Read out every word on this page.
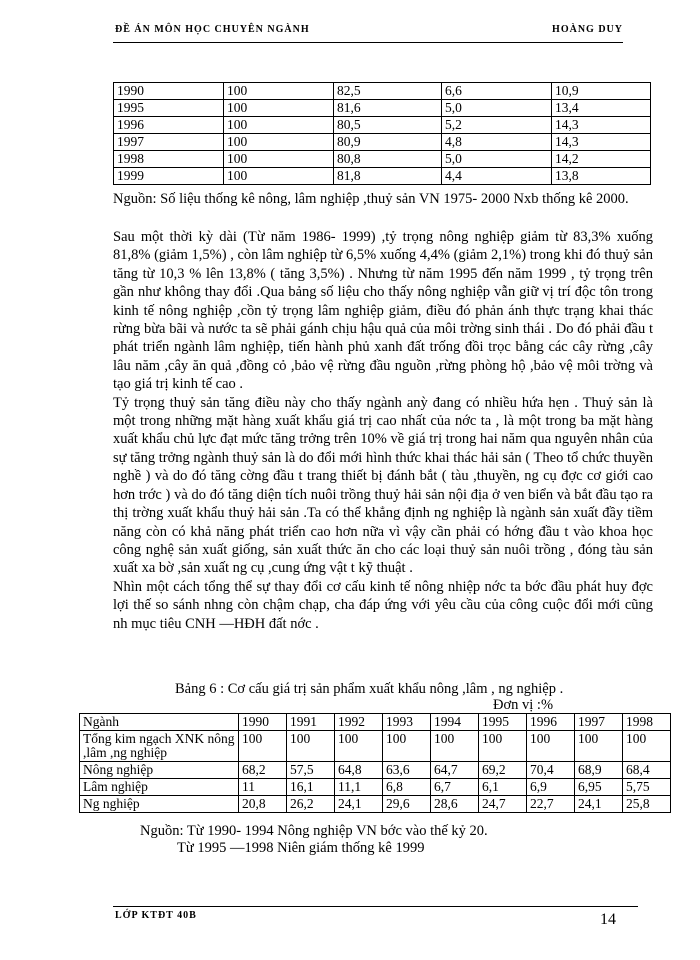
ĐỀ ÁN MÔN HỌC CHUYÊN NGÀNH	HOÀNG DUY
1990	100	82,5	6,6	10,9
1995	100	81,6	5,0	13,4
1996	100	80,5	5,2	14,3
1997	100	80,9	4,8	14,3
1998	100	80,8	5,0	14,2
1999	100	81,8	4,4	13,8

Nguồn: Số liệu thống kê nông, lâm nghiệp ,thuỷ sản VN 1975- 2000 Nxb thống kê 2000.

Sau một thời kỳ dài (Từ năm 1986- 1999) ,tỷ trọng nông nghiệp giảm từ 83,3% xuống 81,8% (giảm 1,5%) , còn lâm nghiệp từ 6,5% xuống 4,4% (giảm 2,1%) trong khi đó thuỷ sản tăng từ 10,3 % lên 13,8% ( tăng 3,5%) . Nhưng từ năm 1995 đến năm 1999 , tỷ trọng trên gần như không thay đổi .Qua bảng số liệu cho thấy nông nghiệp vẫn giữ vị trí độc tôn trong kinh tế nông nghiệp ,cồn tỷ trọng lâm nghiệp giảm, điều đó phản ánh thực trạng khai thác rừng bừa bãi và nước ta sẽ phải gánh chịu hậu quả của môi trờng sinh thái . Do đó phải đầu t phát triển ngành lâm nghiệp, tiến hành phủ xanh đất trống đồi trọc bằng các cây rừng ,cây lâu năm ,cây ăn quả ,đồng cỏ ,bảo vệ rừng đầu nguồn ,rừng phòng hộ ,bảo vệ môi trờng và tạo giá trị kinh tế cao .

Tỷ trọng thuỷ sản tăng điều này cho thấy ngành anỳ đang có nhiều hứa hẹn . Thuỷ sản là một trong những mặt hàng xuất khẩu giá trị cao nhất của nớc ta , là một trong ba mặt hàng xuất khẩu chủ lực đạt mức tăng trởng trên 10% về giá trị trong hai năm qua nguyên nhân của sự tăng trởng ngành thuỷ sản là do đổi mới hình thức khai thác hải sản ( Theo tổ chức thuyền nghề ) và do đó tăng cờng đầu t trang thiết bị đánh bắt ( tàu ,thuyền, ng cụ đợc cơ giới cao hơn trớc ) và do đó tăng diện tích nuôi trồng thuỷ hải sản nội địa ở ven biển và bắt đầu tạo ra thị trờng xuất khẩu thuỷ hải sản .Ta có thể khẳng định ng nghiệp là ngành sản xuất đầy tiềm năng còn có khả năng phát triển cao hơn nữa vì vậy cần phải có hớng đầu t vào khoa học công nghệ sản xuất giống, sản xuất thức ăn cho các loại thuỷ sản nuôi trồng , đóng tàu sản xuất xa bờ ,sản xuất ng cụ ,cung ứng vật t kỹ thuật .

Nhìn một cách tổng thể sự thay đổi cơ cấu kinh tế nông nhiệp nớc ta bớc đầu phát huy đợc lợi thế so sánh nhng còn chậm chạp, cha đáp ứng với yêu cầu của công cuộc đổi mới cũng nh mục tiêu CNH —HĐH đất nớc .

Bảng 6 : Cơ cấu giá trị sản phẩm xuất khẩu nông ,lâm , ng nghiệp .
Đơn vị :%
Ngành	1990	1991	1992	1993	1994	1995	1996	1997	1998
Tổng kim ngạch XNK nông ,lâm ,ng nghiệp	100	100	100	100	100	100	100	100	100
Nông nghiệp	68,2	57,5	64,8	63,6	64,7	69,2	70,4	68,9	68,4
Lâm nghiệp	11	16,1	11,1	6,8	6,7	6,1	6,9	6,95	5,75
Ng nghiệp	20,8	26,2	24,1	29,6	28,6	24,7	22,7	24,1	25,8
Nguồn: Từ 1990- 1994 Nông nghiệp VN bớc vào thế kỷ 20.
Từ 1995 —1998 Niên giám thống kê 1999
LỚP KTĐT 40B	14
